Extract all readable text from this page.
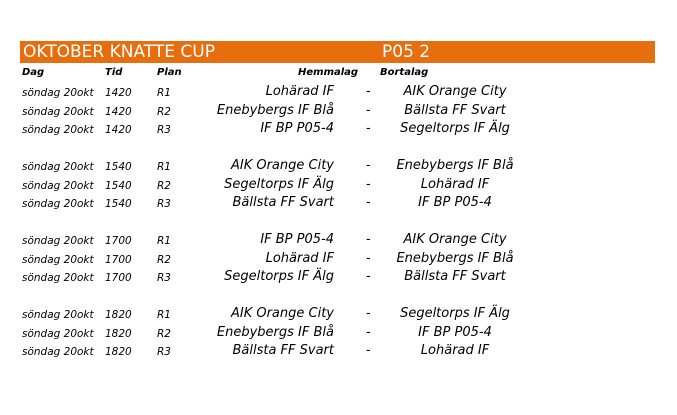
OKTOBER KNATTE CUP	P05 2
Dag	Tid	Plan	Hemmalag Bortalag
söndag 20okt 1420 R1	Lohärad IF -	AIK Orange City
söndag 20okt 1420 R2	Enebybergs IF Blå -	Bällsta FF Svart
söndag 20okt 1420 R3	IF BP P05-4 - Segeltorps IF Älg
söndag 20okt 1540 R1	AIK Orange City - Enebybergs IF Blå
söndag 20okt 1540 R2	Segeltorps IF Älg -	Lohärad IF
söndag 20okt 1540 R3	Bällsta FF Svart -	IF BP P05-4
söndag 20okt 1700 R1	IF BP P05-4 -	AIK Orange City
söndag 20okt 1700 R2	Lohärad IF - Enebybergs IF Blå
söndag 20okt 1700 R3	Segeltorps IF Älg -	Bällsta FF Svart
söndag 20okt 1820 R1	AIK Orange City - Segeltorps IF Älg
söndag 20okt 1820 R2	Enebybergs IF Blå -	IF BP P05-4
söndag 20okt 1820 R3	Bällsta FF Svart -	Lohärad IF
